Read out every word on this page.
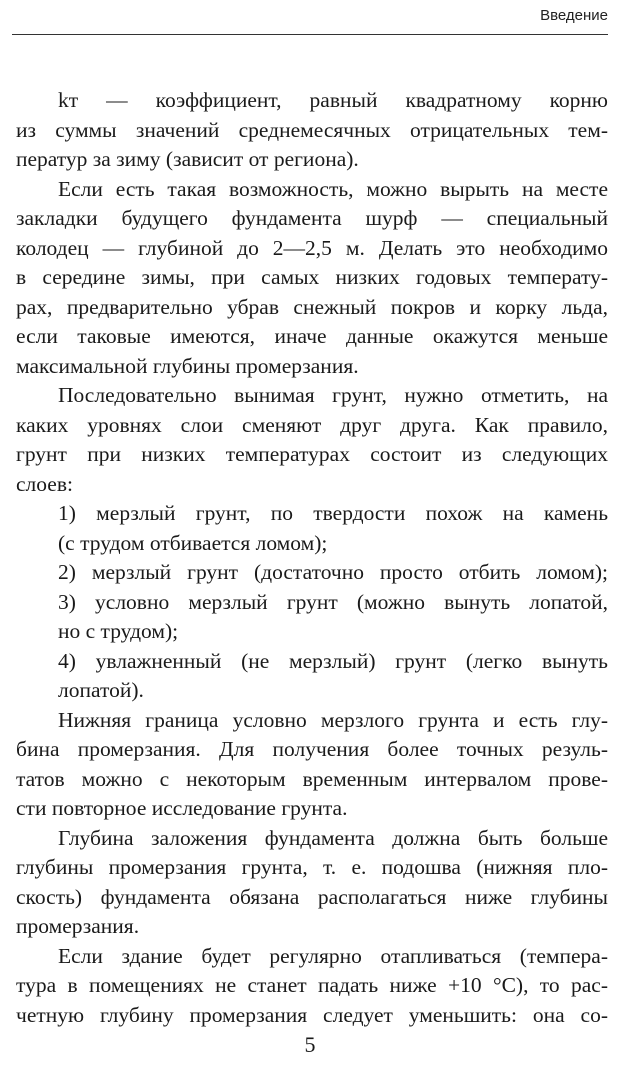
Введение
kт — коэффициент, равный квадратному корню
из суммы значений среднемесячных отрицательных тем-
ператур за зиму (зависит от региона).
Если есть такая возможность, можно вырыть на месте
закладки будущего фундамента шурф — специальный
колодец — глубиной до 2—2,5 м. Делать это необходимо
в середине зимы, при самых низких годовых температу-
рах, предварительно убрав снежный покров и корку льда,
если таковые имеются, иначе данные окажутся меньше
максимальной глубины промерзания.
Последовательно вынимая грунт, нужно отметить, на
каких уровнях слои сменяют друг друга. Как правило,
грунт при низких температурах состоит из следующих
слоев:
1) мерзлый грунт, по твердости похож на камень
(с трудом отбивается ломом);
2) мерзлый грунт (достаточно просто отбить ломом);
3) условно мерзлый грунт (можно вынуть лопатой,
но с трудом);
4) увлажненный (не мерзлый) грунт (легко вынуть
лопатой).
Нижняя граница условно мерзлого грунта и есть глу-
бина промерзания. Для получения более точных резуль-
татов можно с некоторым временным интервалом прове-
сти повторное исследование грунта.
Глубина заложения фундамента должна быть больше
глубины промерзания грунта, т. е. подошва (нижняя пло-
скость) фундамента обязана располагаться ниже глубины
промерзания.
Если здание будет регулярно отапливаться (темпера-
тура в помещениях не станет падать ниже +10 °С), то рас-
четную глубину промерзания следует уменьшить: она со-
5
